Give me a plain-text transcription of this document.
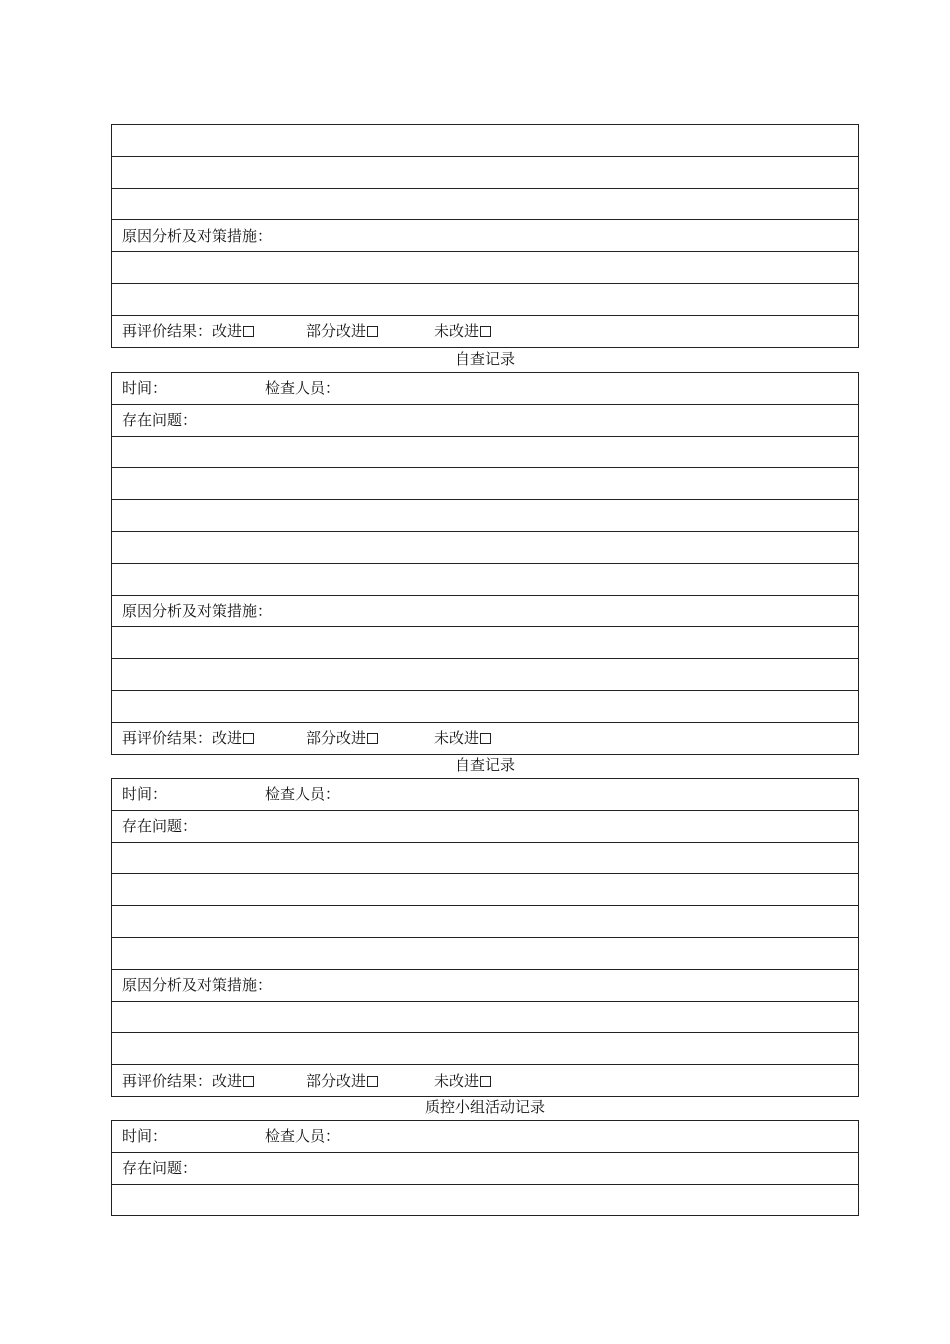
原因分析及对策措施：

再评价结果：改进	部分改进	未改进
自查记录
时间：	检查人员：
存在问题：

原因分析及对策措施：

再评价结果：改进	部分改进	未改进
自查记录
时间：	检查人员：
存在问题：

原因分析及对策措施：

再评价结果：改进	部分改进	未改进
质控小组活动记录
时间：	检查人员：
存在问题：
